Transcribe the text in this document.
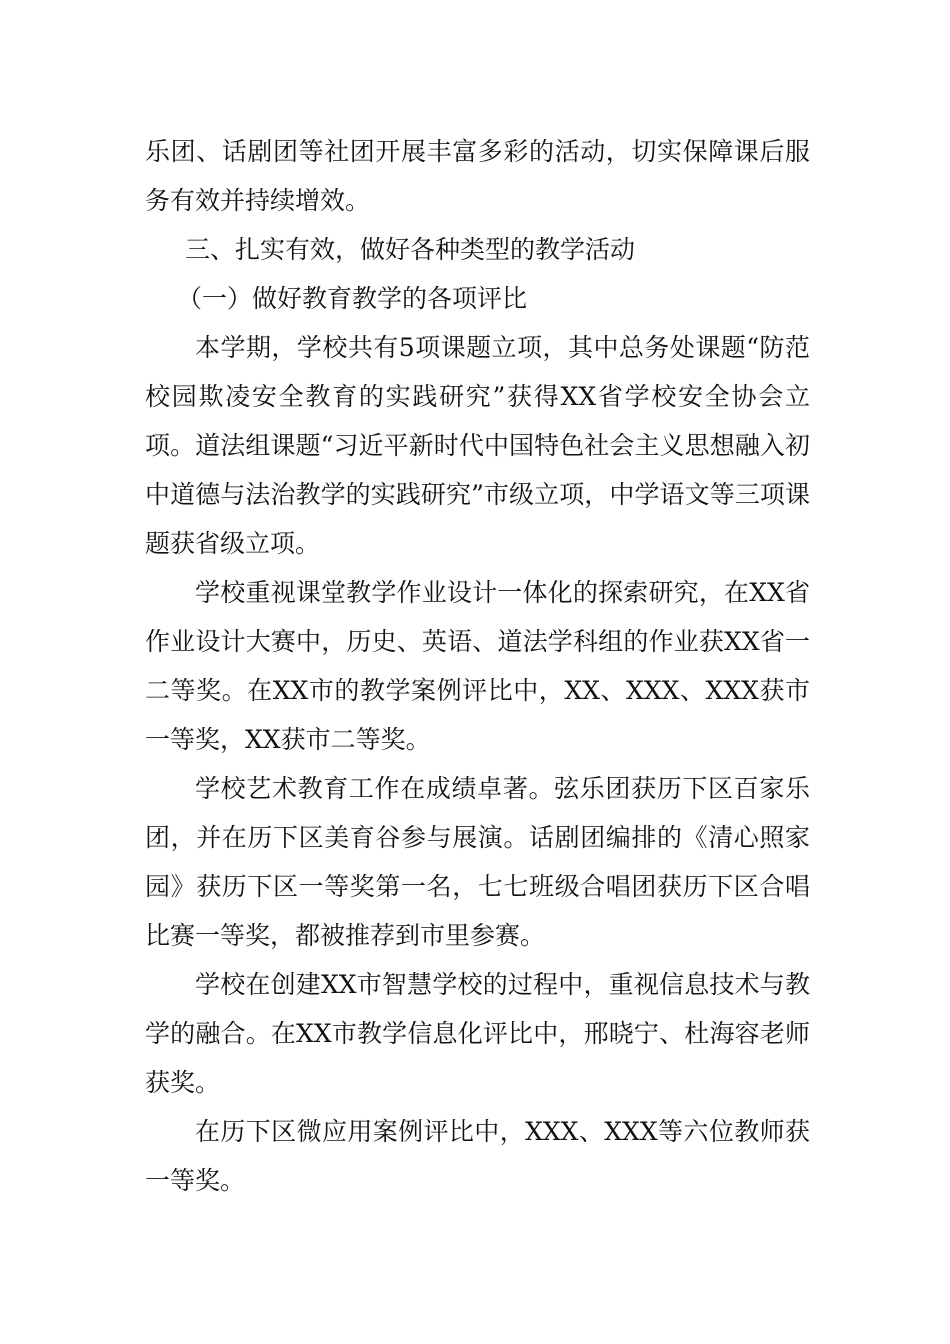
乐团、话剧团等社团开展丰富多彩的活动，切实保障课后服务有效并持续增效。

三、扎实有效，做好各种类型的教学活动

（一）做好教育教学的各项评比

本学期，学校共有5项课题立项，其中总务处课题“防范校园欺凌安全教育的实践研究”获得XX省学校安全协会立项。道法组课题“习近平新时代中国特色社会主义思想融入初中道德与法治教学的实践研究”市级立项，中学语文等三项课题获省级立项。

学校重视课堂教学作业设计一体化的探索研究，在XX省作业设计大赛中，历史、英语、道法学科组的作业获XX省一二等奖。在XX市的教学案例评比中，XX、XXX、XXX获市一等奖，XX获市二等奖。

学校艺术教育工作在成绩卓著。弦乐团获历下区百家乐团，并在历下区美育谷参与展演。话剧团编排的《清心照家园》获历下区一等奖第一名，七七班级合唱团获历下区合唱比赛一等奖，都被推荐到市里参赛。

学校在创建XX市智慧学校的过程中，重视信息技术与教学的融合。在XX市教学信息化评比中，邢晓宁、杜海容老师获奖。

在历下区微应用案例评比中，XXX、XXX等六位教师获一等奖。
